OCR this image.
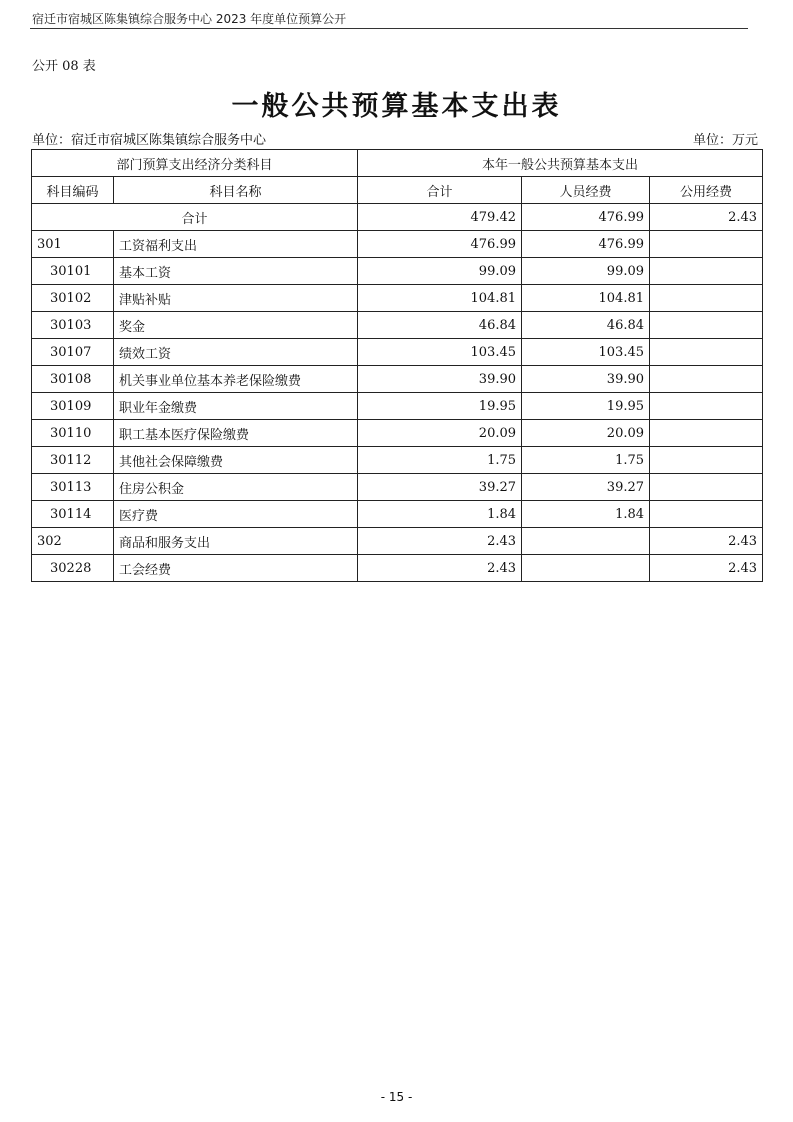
宿迁市宿城区陈集镇综合服务中心 2023 年度单位预算公开
公开 08 表
一般公共预算基本支出表
单位：宿迁市宿城区陈集镇综合服务中心	单位：万元
部门预算支出经济分类科目		本年一般公共预算基本支出		
科目编码	科目名称	合计	人员经费	公用经费
合计		479.42	476.99	2.43
301	工资福利支出	476.99	476.99	
30101	基本工资	99.09	99.09	
30102	津贴补贴	104.81	104.81	
30103	奖金	46.84	46.84	
30107	绩效工资	103.45	103.45	
30108	机关事业单位基本养老保险缴费	39.90	39.90	
30109	职业年金缴费	19.95	19.95	
30110	职工基本医疗保险缴费	20.09	20.09	
30112	其他社会保障缴费	1.75	1.75	
30113	住房公积金	39.27	39.27	
30114	医疗费	1.84	1.84	
302	商品和服务支出	2.43		2.43
30228	工会经费	2.43		2.43
- 15 -
